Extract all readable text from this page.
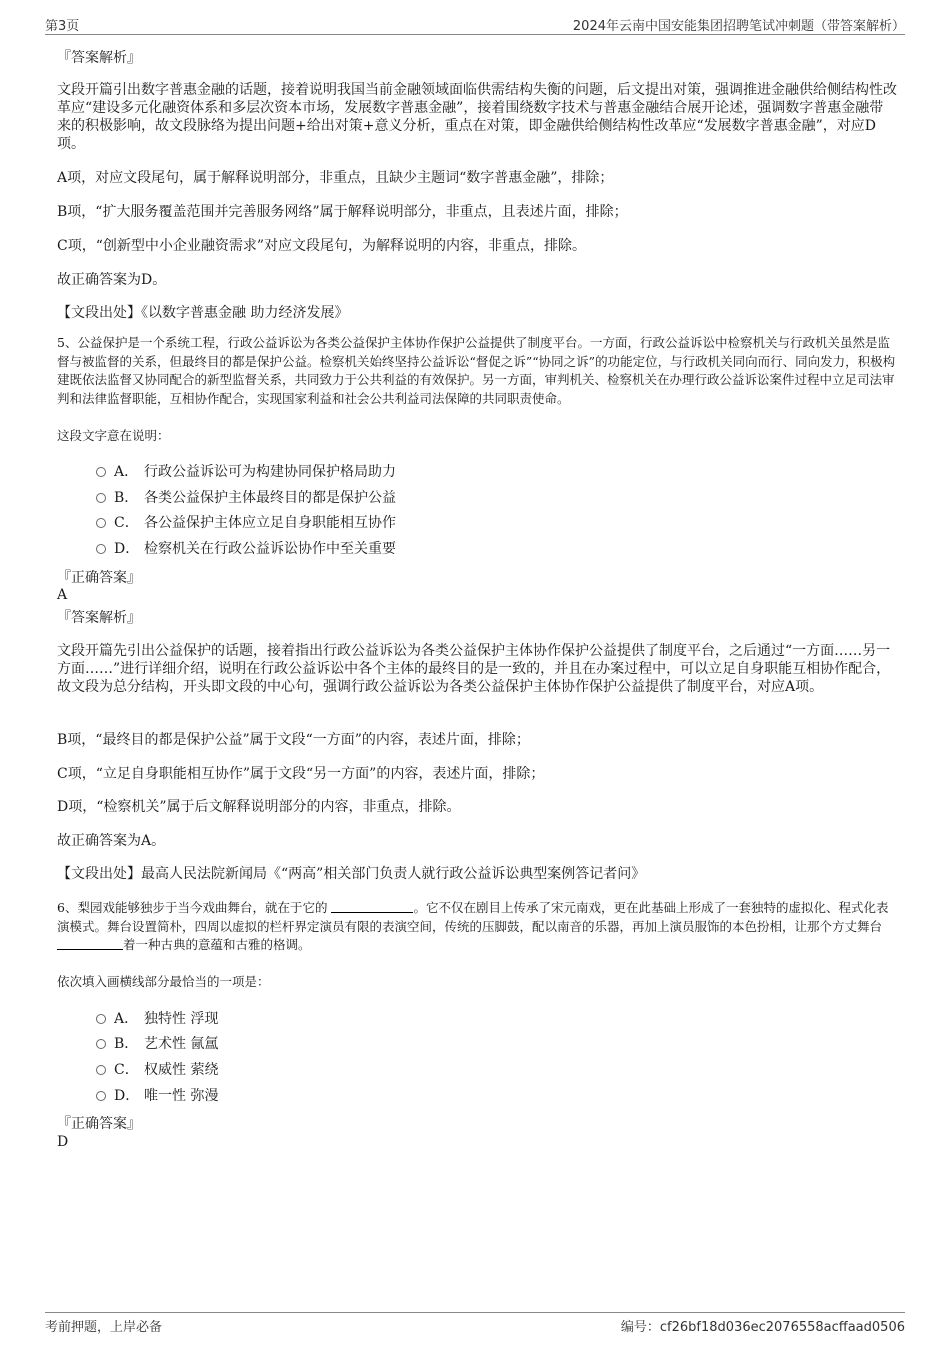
第3页	2024年云南中国安能集团招聘笔试冲刺题（带答案解析）
『答案解析』

文段开篇引出数字普惠金融的话题，接着说明我国当前金融领域面临供需结构失衡的问题，后文提出对策，强调推进金融供给侧结构性改革应“建设多元化融资体系和多层次资本市场，发展数字普惠金融”，接着围绕数字技术与普惠金融结合展开论述，强调数字普惠金融带来的积极影响，故文段脉络为提出问题+给出对策+意义分析，重点在对策，即金融供给侧结构性改革应“发展数字普惠金融”，对应D项。

A项，对应文段尾句，属于解释说明部分，非重点，且缺少主题词“数字普惠金融”，排除；

B项，“扩大服务覆盖范围并完善服务网络”属于解释说明部分，非重点，且表述片面，排除；

C项，“创新型中小企业融资需求”对应文段尾句，为解释说明的内容，非重点，排除。

故正确答案为D。

【文段出处】《以数字普惠金融 助力经济发展》

5、公益保护是一个系统工程，行政公益诉讼为各类公益保护主体协作保护公益提供了制度平台。一方面，行政公益诉讼中检察机关与行政机关虽然是监督与被监督的关系，但最终目的都是保护公益。检察机关始终坚持公益诉讼“督促之诉”“协同之诉”的功能定位，与行政机关同向而行、同向发力，积极构建既依法监督又协同配合的新型监督关系，共同致力于公共利益的有效保护。另一方面，审判机关、检察机关在办理行政公益诉讼案件过程中立足司法审判和法律监督职能，互相协作配合，实现国家利益和社会公共利益司法保障的共同职责使命。

这段文字意在说明：

A． 行政公益诉讼可为构建协同保护格局助力
B． 各类公益保护主体最终目的都是保护公益
C． 各公益保护主体应立足自身职能相互协作
D． 检察机关在行政公益诉讼协作中至关重要
『正确答案』
A
『答案解析』

文段开篇先引出公益保护的话题，接着指出行政公益诉讼为各类公益保护主体协作保护公益提供了制度平台，之后通过“一方面……另一方面……”进行详细介绍，说明在行政公益诉讼中各个主体的最终目的是一致的，并且在办案过程中，可以立足自身职能互相协作配合，故文段为总分结构，开头即文段的中心句，强调行政公益诉讼为各类公益保护主体协作保护公益提供了制度平台，对应A项。

B项，“最终目的都是保护公益”属于文段“一方面”的内容，表述片面，排除；

C项，“立足自身职能相互协作”属于文段“另一方面”的内容，表述片面，排除；

D项，“检察机关”属于后文解释说明部分的内容，非重点，排除。

故正确答案为A。

【文段出处】最高人民法院新闻局《“两高”相关部门负责人就行政公益诉讼典型案例答记者问》

6、梨园戏能够独步于当今戏曲舞台，就在于它的	。它不仅在剧目上传承了宋元南戏，更在此基础上形成了一套独特的虚拟化、程式化表演模式。舞台设置简朴，四周以虚拟的栏杆界定演员有限的表演空间，传统的压脚鼓，配以南音的乐器，再加上演员服饰的本色扮相，让那个方丈舞台 着一种古典的意蕴和古雅的格调。

依次填入画横线部分最恰当的一项是：

A． 独特性 浮现
B． 艺术性 氤氲
C． 权威性 萦绕
D． 唯一性 弥漫
『正确答案』
D
考前押题，上岸必备	编号：cf26bf18d036ec2076558acffaad0506
